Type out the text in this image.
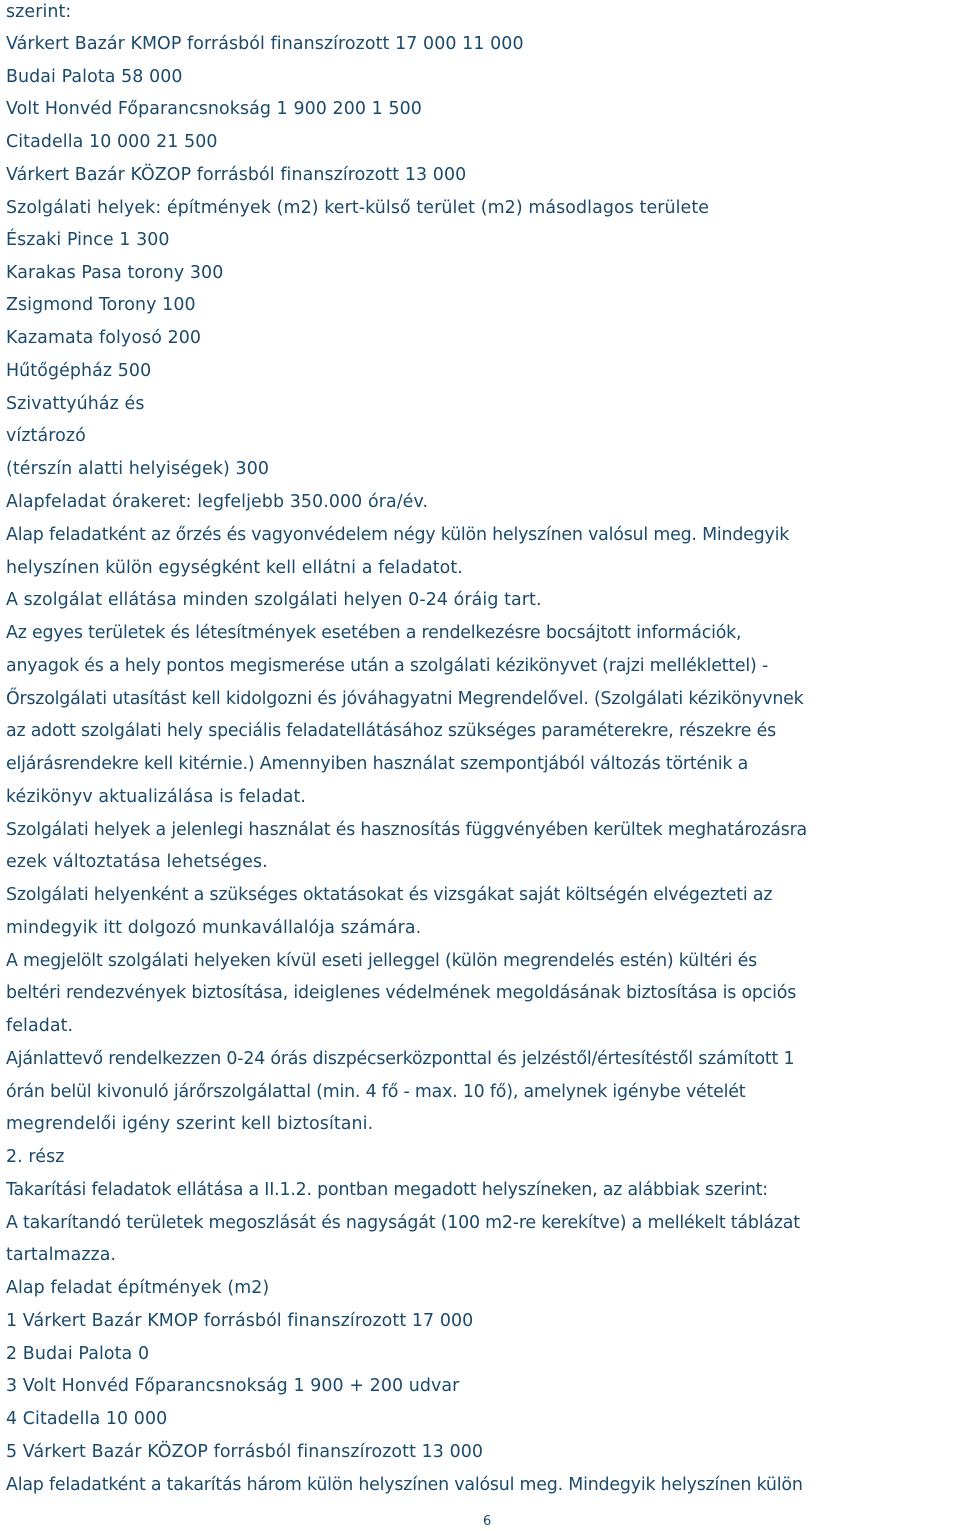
szerint:
Várkert Bazár KMOP forrásból finanszírozott 17 000 11 000
Budai Palota 58 000
Volt Honvéd Főparancsnokság 1 900 200 1 500
Citadella 10 000 21 500
Várkert Bazár KÖZOP forrásból finanszírozott 13 000
Szolgálati helyek: építmények (m2) kert-külső terület (m2) másodlagos területe
Északi Pince 1 300
Karakas Pasa torony 300
Zsigmond Torony 100
Kazamata folyosó 200
Hűtőgépház 500
Szivattyúház és
víztározó
(térszín alatti helyiségek) 300
Alapfeladat órakeret: legfeljebb 350.000 óra/év.
Alap feladatként az őrzés és vagyonvédelem négy külön helyszínen valósul meg. Mindegyik
helyszínen külön egységként kell ellátni a feladatot.
A szolgálat ellátása minden szolgálati helyen 0-24 óráig tart.
Az egyes területek és létesítmények esetében a rendelkezésre bocsájtott információk,
anyagok és a hely pontos megismerése után a szolgálati kézikönyvet (rajzi melléklettel) -
Őrszolgálati utasítást kell kidolgozni és jóváhagyatni Megrendelővel. (Szolgálati kézikönyvnek
az adott szolgálati hely speciális feladatellátásához szükséges paraméterekre, részekre és
eljárásrendekre kell kitérnie.) Amennyiben használat szempontjából változás történik a
kézikönyv aktualizálása is feladat.
Szolgálati helyek a jelenlegi használat és hasznosítás függvényében kerültek meghatározásra
ezek változtatása lehetséges.
Szolgálati helyenként a szükséges oktatásokat és vizsgákat saját költségén elvégezteti az
mindegyik itt dolgozó munkavállalója számára.
A megjelölt szolgálati helyeken kívül eseti jelleggel (külön megrendelés estén) kültéri és
beltéri rendezvények biztosítása, ideiglenes védelmének megoldásának biztosítása is opciós
feladat.
Ajánlattevő rendelkezzen 0-24 órás diszpécserközponttal és jelzéstől/értesítéstől számított 1
órán belül kivonuló járőrszolgálattal (min. 4 fő - max. 10 fő), amelynek igénybe vételét
megrendelői igény szerint kell biztosítani.
2. rész
Takarítási feladatok ellátása a II.1.2. pontban megadott helyszíneken, az alábbiak szerint:
A takarítandó területek megoszlását és nagyságát (100 m2-re kerekítve) a mellékelt táblázat
tartalmazza.
Alap feladat építmények (m2)
1 Várkert Bazár KMOP forrásból finanszírozott 17 000
2 Budai Palota 0
3 Volt Honvéd Főparancsnokság 1 900 + 200 udvar
4 Citadella 10 000
5 Várkert Bazár KÖZOP forrásból finanszírozott 13 000
Alap feladatként a takarítás három külön helyszínen valósul meg. Mindegyik helyszínen külön
6
